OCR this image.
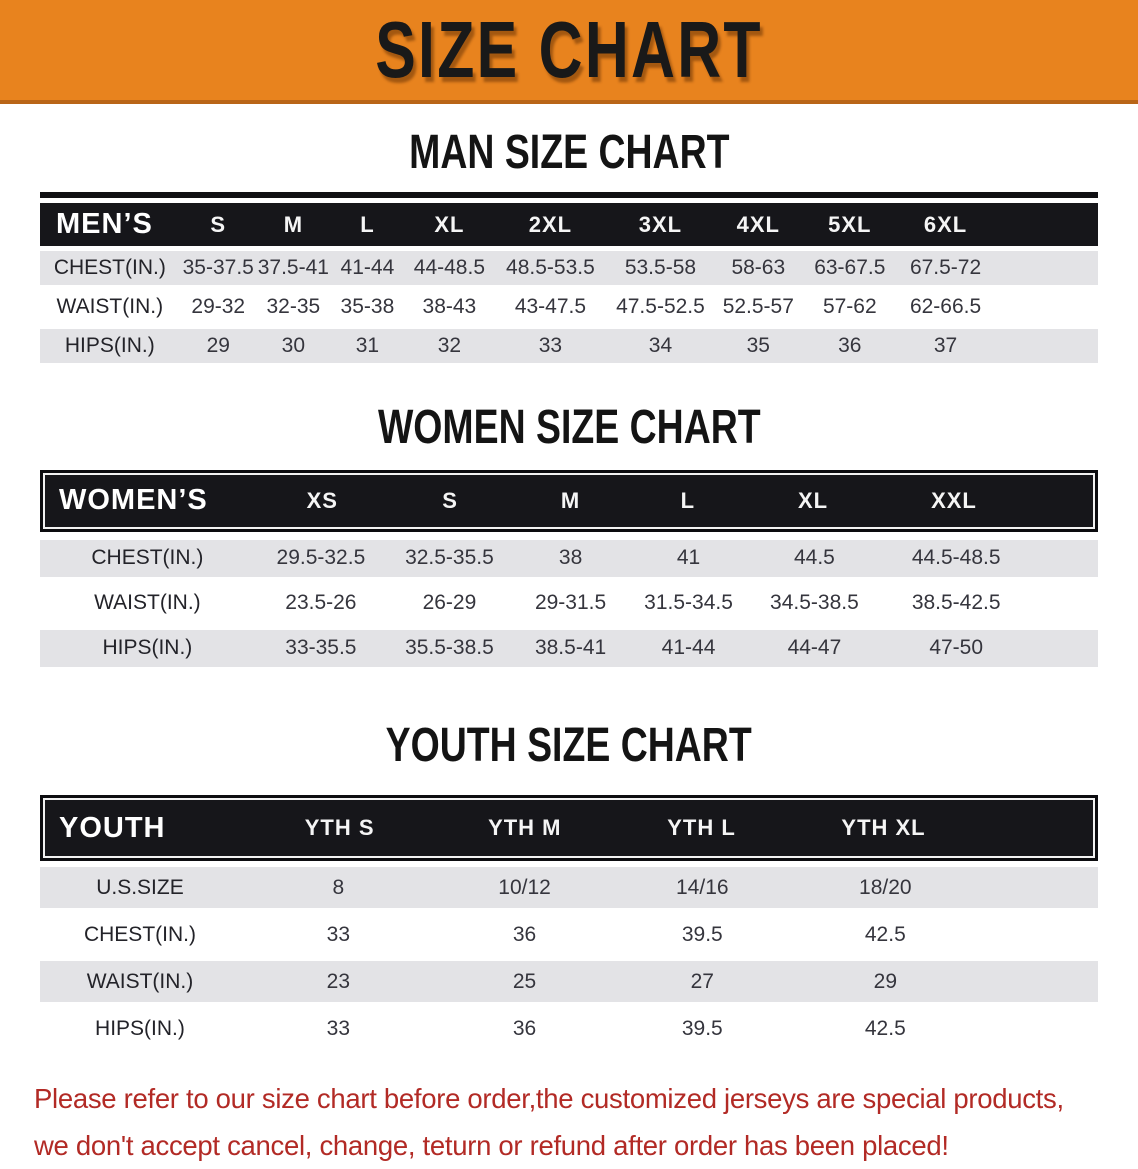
SIZE CHART
MAN SIZE CHART
MEN’S	S	M	L	XL	2XL	3XL	4XL	5XL	6XL
CHEST(IN.) 35-37.5 37.5-41 41-44 44-48.5	48.5-53.5	53.5-58	58-63	63-67.5	67.5-72
WAIST(IN.)	29-32	32-35 35-38	38-43	43-47.5	47.5-52.5 52.5-57	57-62	62-66.5
HIPS(IN.)	29	30	31	32	33	34	35	36	37
WOMEN SIZE CHART
WOMEN’S	XS	S	M	L	XL	XXL
CHEST(IN.)	29.5-32.5	32.5-35.5	38	41	44.5	44.5-48.5
WAIST(IN.)	23.5-26	26-29	29-31.5	31.5-34.5	34.5-38.5	38.5-42.5
HIPS(IN.)	33-35.5	35.5-38.5	38.5-41	41-44	44-47	47-50
YOUTH SIZE CHART
YOUTH	YTH S	YTH M	YTH L	YTH XL
U.S.SIZE	8	10/12	14/16	18/20
CHEST(IN.)	33	36	39.5	42.5
WAIST(IN.)	23	25	27	29
HIPS(IN.)	33	36	39.5	42.5

Please refer to our size chart before order,the customized jerseys are special products,

we don't accept cancel, change, teturn or refund after order has been placed!
